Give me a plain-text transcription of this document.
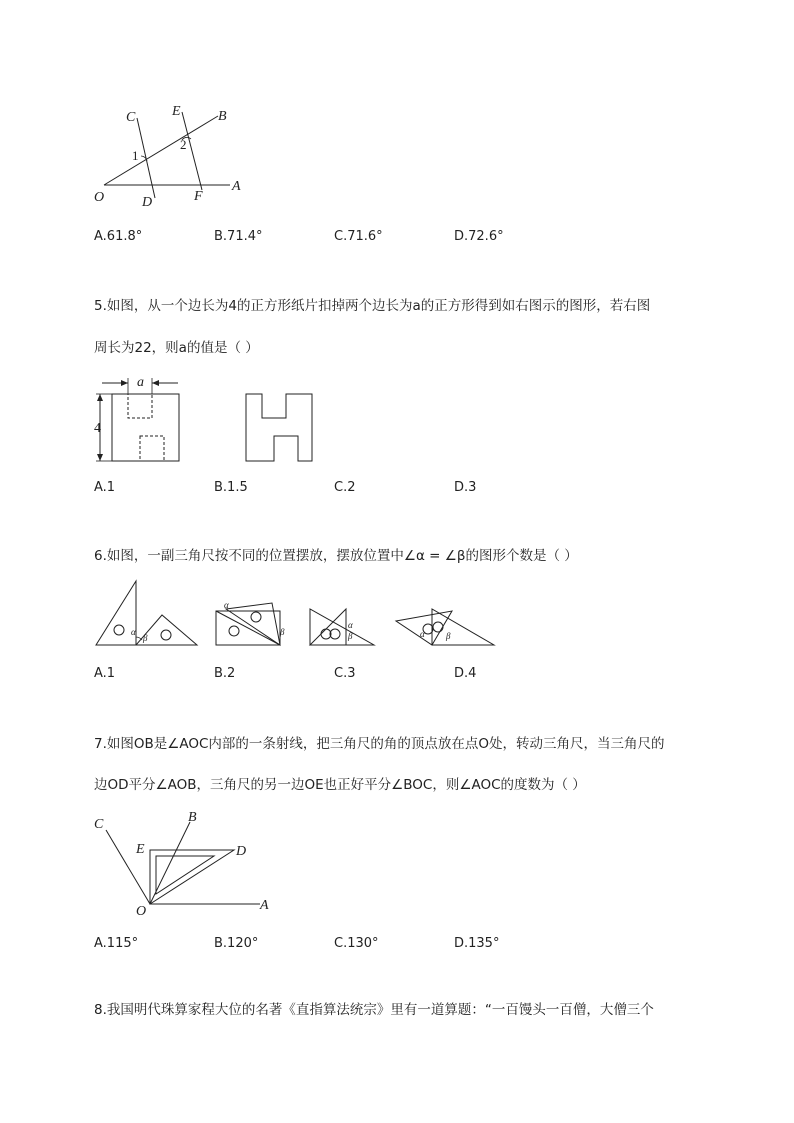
C	E	B
1
2
O	D	F
A
A.61.8°	B.71.4°	C.71.6°	D.72.6°
5.如图，从一个边长为4的正方形纸片扣掉两个边长为a的正方形得到如右图示的图形，若右图
周长为22，则a的值是（ ）
4
a
A.1	B.1.5	C.2	D.3
6.如图，一副三角尺按不同的位置摆放，摆放位置中∠α = ∠β的图形个数是（ ）
α
β
α
β
α
β	α β
A.1	B.2	C.3	D.4
7.如图OB是∠AOC内部的一条射线，把三角尺的角的顶点放在点O处，转动三角尺，当三角尺的
边OD平分∠AOB，三角尺的另一边OE也正好平分∠BOC，则∠AOC的度数为（ ）
C	B
E	D
O	A
A.115°	B.120°	C.130°	D.135°
8.我国明代珠算家程大位的名著《直指算法统宗》里有一道算题：“一百馒头一百僧，大僧三个
